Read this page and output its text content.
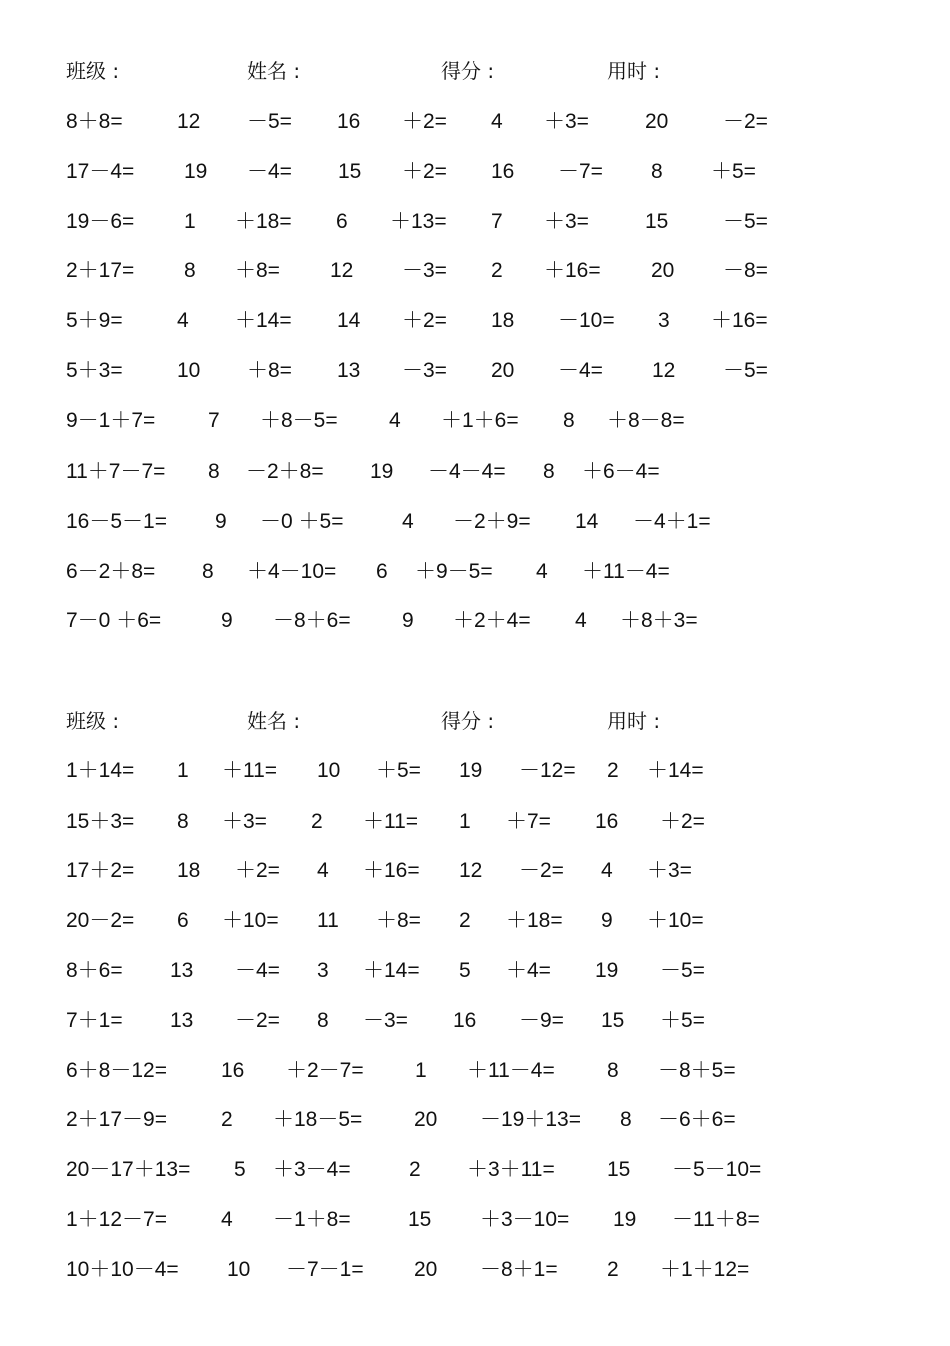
班级 :	姓名 :	得分 :	用时 :
8＋8=	12 －5= 16 ＋2= 4 ＋3=	20	－2=
17－4= 19 －4= 15 ＋2= 16 －7= 8 ＋5=
19－6= 1 ＋18= 6 ＋13= 7 ＋3=	15	－5=
2＋17= 8 ＋8= 12 －3= 2 ＋16= 20 －8=
5＋9=	4 ＋14= 14 ＋2= 18 －10= 3 ＋16=
5＋3=	10 ＋8= 13 －3= 20 －4= 12 －5=
9－1＋7=	7 ＋8－5= 4 ＋1＋6= 8 ＋8－8=
11＋7－7= 8 －2＋8= 19 －4－4= 8 ＋6－4=
16－5－1= 9 －0 ＋5=	4 －2＋9= 14 －4＋1=
6－2＋8= 8 ＋4－10= 6 ＋9－5= 4 ＋11－4=
7－0 ＋6=	9 －8＋6= 9 ＋2＋4= 4 ＋8＋3=
班级 :	姓名 :	得分 :	用时 :
1＋14= 1 ＋11= 10 ＋5= 19 －12= 2 ＋14=
15＋3= 8 ＋3= 2 ＋11= 1 ＋7= 16 ＋2=
17＋2= 18 ＋2= 4 ＋16= 12 －2= 4 ＋3=
20－2= 6 ＋10= 11 ＋8= 2 ＋18= 9 ＋10=
8＋6= 13 －4= 3 ＋14= 5 ＋4= 19 －5=
7＋1= 13 －2= 8 －3= 16 －9= 15 ＋5=
6＋8－12=	16 ＋2－7= 1 ＋11－4= 8 －8＋5=
2＋17－9=	2 ＋18－5= 20 －19＋13= 8 －6＋6=
20－17＋13= 5 ＋3－4=	2 ＋3＋11= 15 －5－10=
1＋12－7=	4 －1＋8=	15 ＋3－10= 19 －11＋8=
10＋10－4= 10 －7－1= 20 －8＋1= 2 ＋1＋12=
